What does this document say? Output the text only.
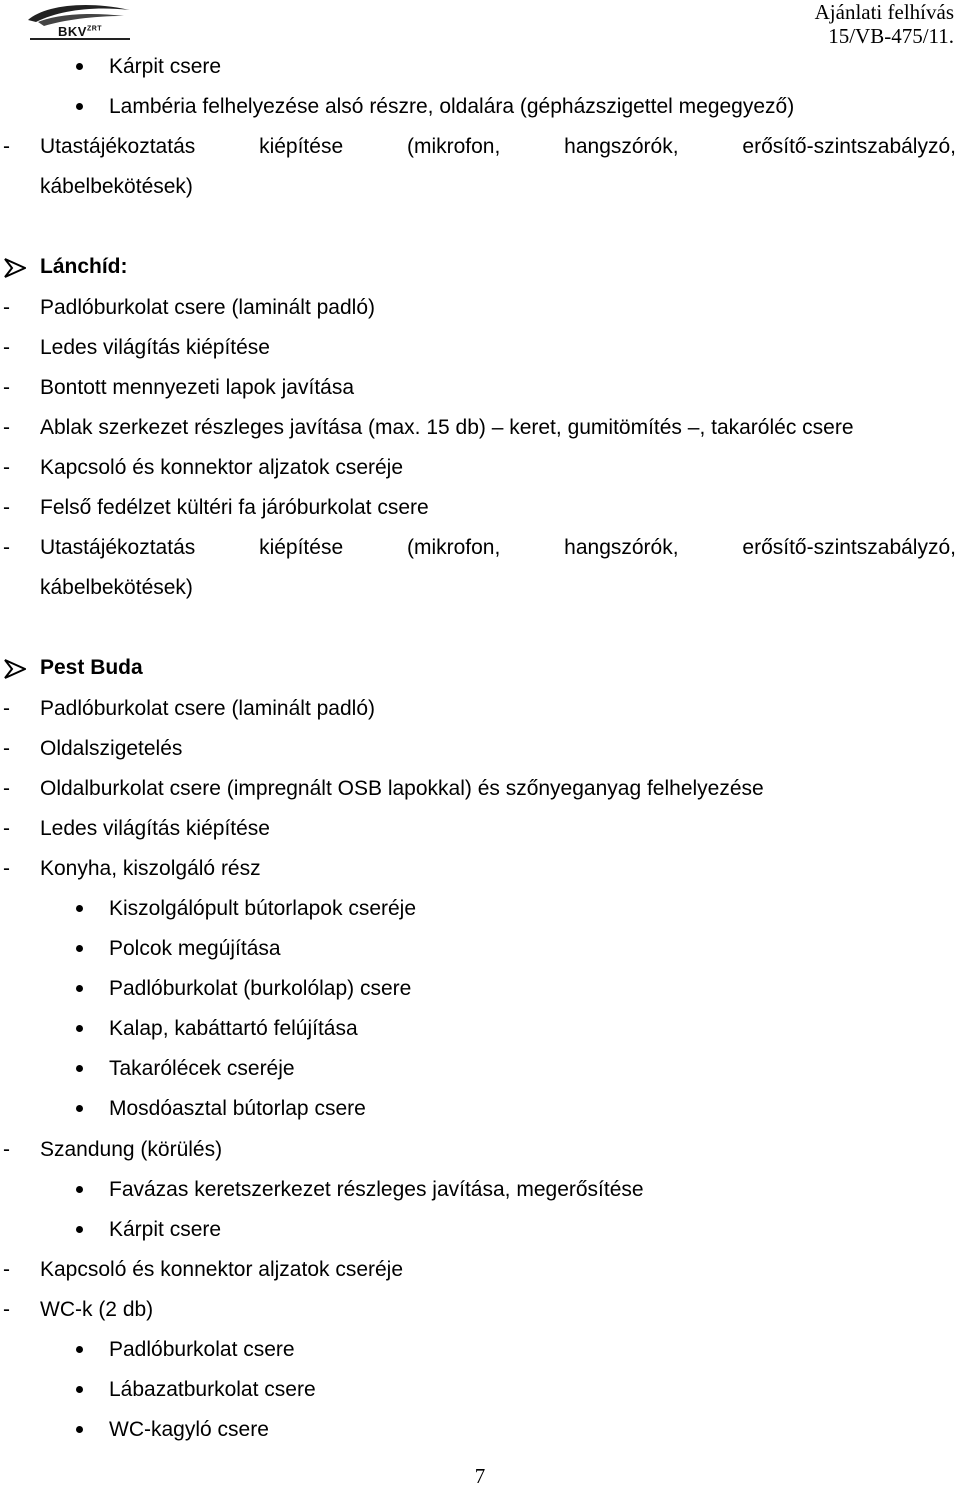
$BKV^{ZRT}$
Ajánlati felhívás
15/VB-475/11.
Kárpit csere
Lambéria felhelyezése alsó részre, oldalára (gépházszigettel megegyező)
-	Utastájékoztatás	kiépítése	(mikrofon,	hangszórók,	erősítő-szintszabályzó,
kábelbekötések)
Lánchíd:
-	Padlóburkolat csere (laminált padló)
-	Ledes világítás kiépítése
-	Bontott mennyezeti lapok javítása
-	Ablak szerkezet részleges javítása (max. 15 db) – keret, gumitömítés –, takaróléc csere
-	Kapcsoló és konnektor aljzatok cseréje
-	Felső fedélzet kültéri fa járóburkolat csere
-	Utastájékoztatás	kiépítése	(mikrofon,	hangszórók,	erősítő-szintszabályzó,
kábelbekötések)
Pest Buda
-	Padlóburkolat csere (laminált padló)
-	Oldalszigetelés
-	Oldalburkolat csere (impregnált OSB lapokkal) és szőnyeganyag felhelyezése
-	Ledes világítás kiépítése
-	Konyha, kiszolgáló rész
Kiszolgálópult bútorlapok cseréje
Polcok megújítása
Padlóburkolat (burkolólap) csere
Kalap, kabáttartó felújítása
Takarólécek cseréje
Mosdóasztal bútorlap csere
-	Szandung (körülés)
Favázas keretszerkezet részleges javítása, megerősítése
Kárpit csere
-	Kapcsoló és konnektor aljzatok cseréje
-	WC-k (2 db)
Padlóburkolat csere
Lábazatburkolat csere
WC-kagyló csere
7
